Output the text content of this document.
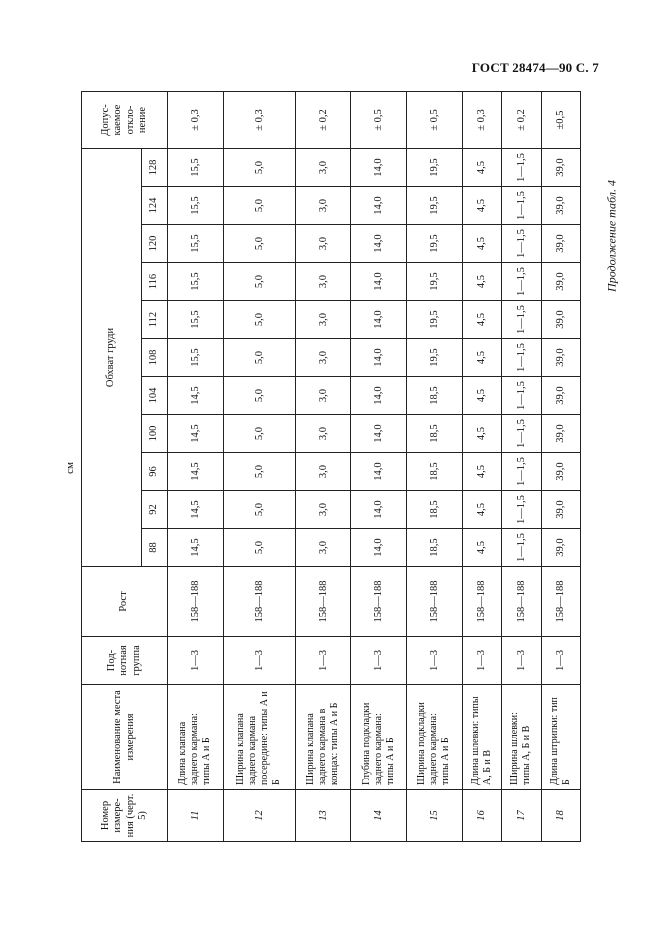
ГОСТ 28474—90 С. 7
Продолжение табл. 4
см
Номер измере-ния (черт. 5)	Наименование места измерения	Под-нотная группа	Рост	Обхват груди											Допус-каемое откло-нение
				88	92	96	100	104	108	112	116	120	124	128	
11	Длина клапана заднего кармана: типы А и Б	1—3	158—188	14,5	14,5	14,5	14,5	14,5	15,5	15,5	15,5	15,5	15,5	15,5	± 0,3
12	Ширина клапана заднего кармана посередине: типы А и Б	1—3	158—188	5,0	5,0	5,0	5,0	5,0	5,0	5,0	5,0	5,0	5,0	5,0	± 0,3
13	Ширина клапана заднего кармана в концах: типы А и Б	1—3	158—188	3,0	3,0	3,0	3,0	3,0	3,0	3,0	3,0	3,0	3,0	3,0	± 0,2
14	Глубина подкладки заднего кармана: типы А и Б	1—3	158—188	14,0	14,0	14,0	14,0	14,0	14,0	14,0	14,0	14,0	14,0	14,0	± 0,5
15	Ширина подкладки заднего кармана: типы А и Б	1—3	158—188	18,5	18,5	18,5	18,5	18,5	19,5	19,5	19,5	19,5	19,5	19,5	± 0,5
16	Длина шлевки: типы А, Б и В	1—3	158—188	4,5	4,5	4,5	4,5	4,5	4,5	4,5	4,5	4,5	4,5	4,5	± 0,3
17	Ширина шлевки: типы А, Б и В	1—3	158—188	1—1,5	1—1,5	1—1,5	1—1,5	1—1,5	1—1,5	1—1,5	1—1,5	1—1,5	1—1,5	1—1,5	± 0,2
18	Длина штрипки: тип Б	1—3	158—188	39,0	39,0	39,0	39,0	39,0	39,0	39,0	39,0	39,0	39,0	39,0	±0,5
